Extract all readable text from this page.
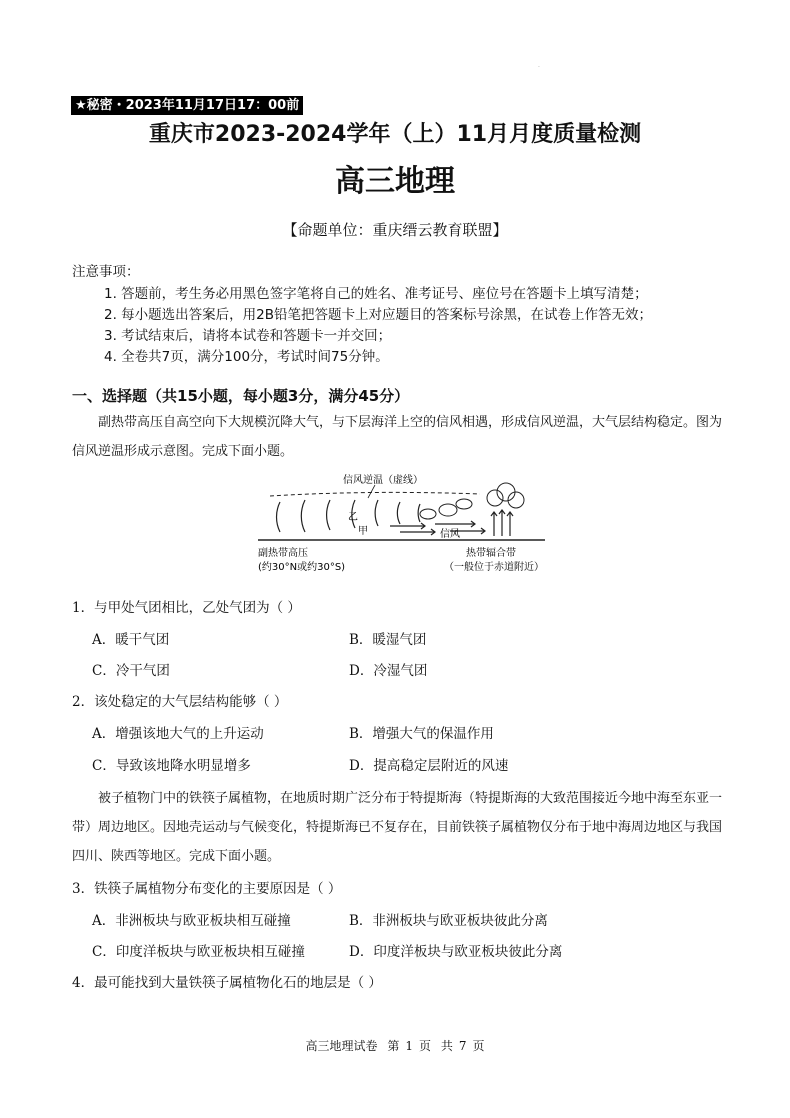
.
★秘密・2023年11月17日17：00前
重庆市2023-2024学年（上）11月月度质量检测
高三地理
【命题单位：重庆缙云教育联盟】
注意事项：
1. 答题前，考生务必用黑色签字笔将自己的姓名、准考证号、座位号在答题卡上填写清楚；
2. 每小题选出答案后，用2B铅笔把答题卡上对应题目的答案标号涂黑，在试卷上作答无效；
3. 考试结束后，请将本试卷和答题卡一并交回；
4. 全卷共7页，满分100分，考试时间75分钟。
一、选择题（共15小题，每小题3分，满分45分）
副热带高压自高空向下大规模沉降大气，与下层海洋上空的信风相遇，形成信风逆温，大气层结构稳定。图为信风逆温形成示意图。完成下面小题。
信风逆温（虚线）
乙
甲	信风
副热带高压
(约30°N或约30°S)
热带辐合带
（一般位于赤道附近）
1．与甲处气团相比，乙处气团为（ ）
A．暖干气团	B．暖湿气团
C．冷干气团	D．冷湿气团
2．该处稳定的大气层结构能够（ ）
A．增强该地大气的上升运动	B．增强大气的保温作用
C．导致该地降水明显增多	D．提高稳定层附近的风速
被子植物门中的铁筷子属植物，在地质时期广泛分布于特提斯海（特提斯海的大致范围接近今地中海至东亚一带）周边地区。因地壳运动与气候变化，特提斯海已不复存在，目前铁筷子属植物仅分布于地中海周边地区与我国四川、陕西等地区。完成下面小题。
3．铁筷子属植物分布变化的主要原因是（ ）
A．非洲板块与欧亚板块相互碰撞	B．非洲板块与欧亚板块彼此分离
C．印度洋板块与欧亚板块相互碰撞	D．印度洋板块与欧亚板块彼此分离
4．最可能找到大量铁筷子属植物化石的地层是（ ）
高三地理试卷 第 1 页 共 7 页
